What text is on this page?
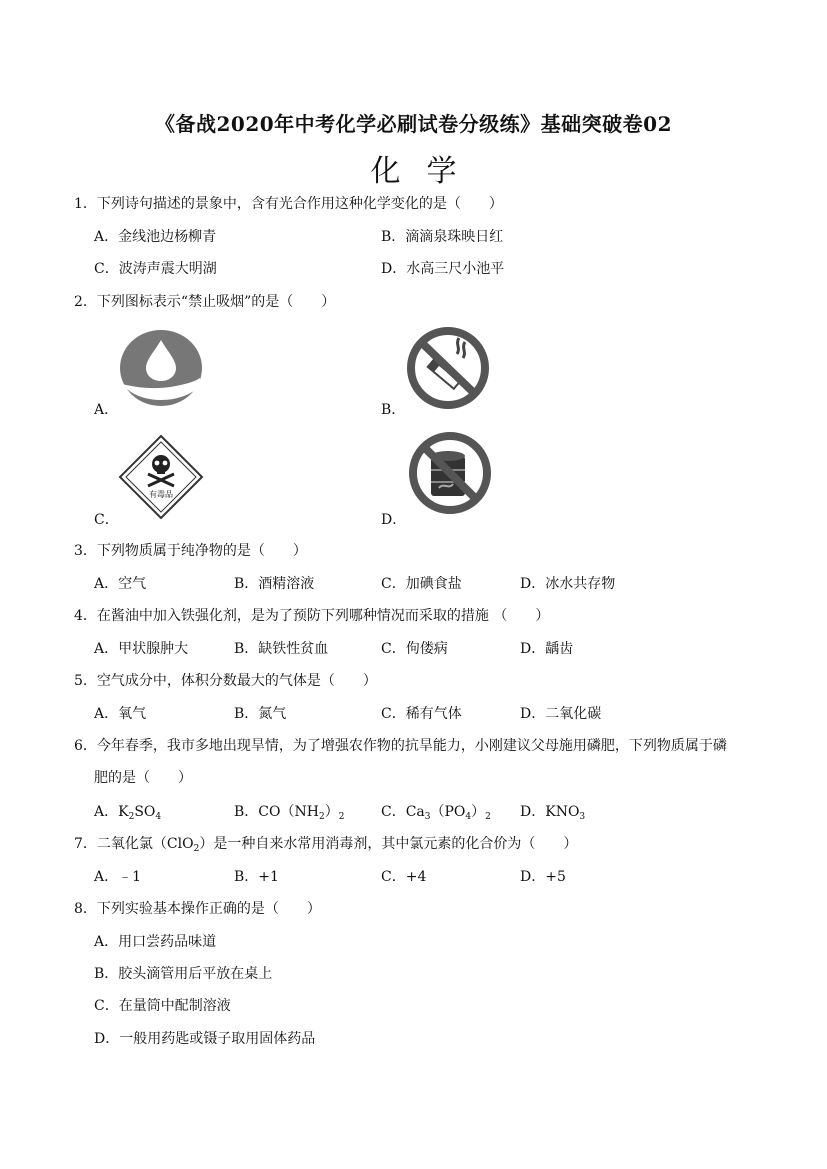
《备战2020年中考化学必刷试卷分级练》基础突破卷02
化学
1．下列诗句描述的景象中，含有光合作用这种化学变化的是（　　）
A．金线池边杨柳青	B．滴滴泉珠映日红
C．波涛声震大明湖	D．水高三尺小池平
2．下列图标表示“禁止吸烟”的是（　　）
A．	B．
C．
有毒品
D．
3．下列物质属于纯净物的是（　　）
A．空气	B．酒精溶液	C．加碘食盐	D．冰水共存物
4．在酱油中加入铁强化剂，是为了预防下列哪种情况而采取的措施 （　　）
A．甲状腺肿大	B．缺铁性贫血	C．佝偻病	D．龋齿
5．空气成分中，体积分数最大的气体是（　　）
A．氧气	B．氮气	C．稀有气体	D．二氧化碳
6．今年春季，我市多地出现旱情，为了增强农作物的抗旱能力，小刚建议父母施用磷肥，下列物质属于磷
肥的是（　　）
A．$K_2SO_4$	B．$CO(NH_2)_2$	C．$Ca_3(PO_4)_2$ D．$KNO_3$
7．二氧化氯（ClO$_2$）是一种自来水常用消毒剂，其中氯元素的化合价为（　　）
A．﹣1	B．+1	C．+4	D．+5
8．下列实验基本操作正确的是（　　）
A．用口尝药品味道
B．胶头滴管用后平放在桌上
C．在量筒中配制溶液
D．一般用药匙或镊子取用固体药品
